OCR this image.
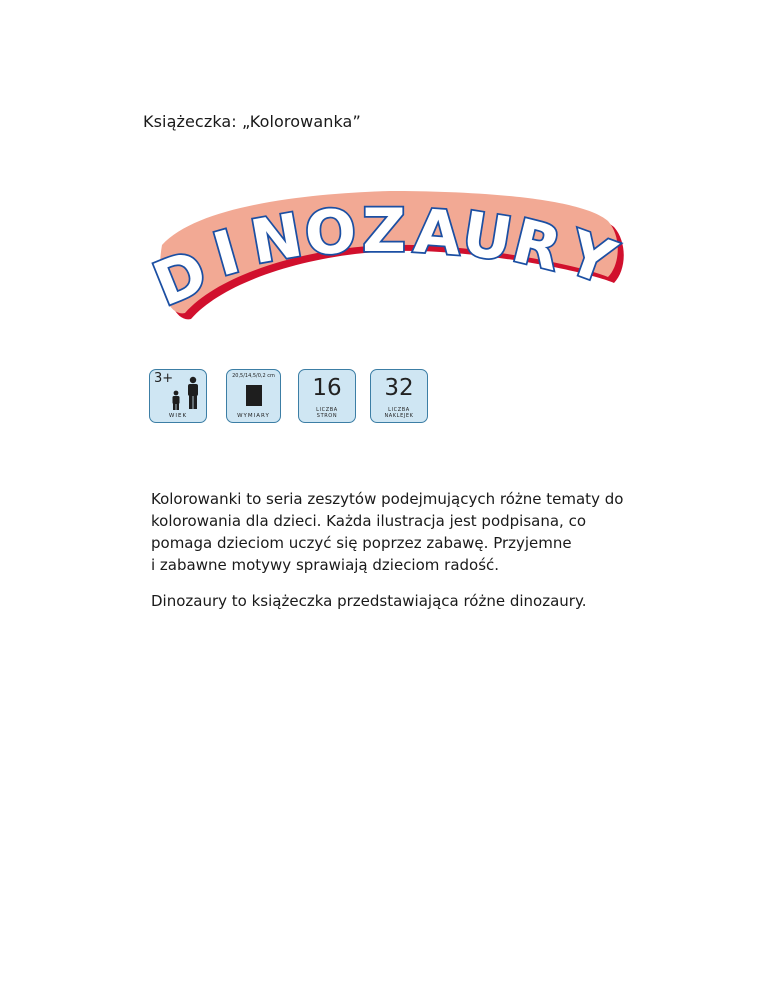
Książeczka: „Kolorowanka”
D
I
N
O Z A
U
R
Y
3+
WIEK
20,5/14,5/0,2 cm
WYMIARY
16
LICZBA
STRON
32
LICZBA
NAKLEJEK

Kolorowanki to seria zeszytów podejmujących różne tematy do
kolorowania dla dzieci. Każda ilustracja jest podpisana, co
pomaga dzieciom uczyć się poprzez zabawę. Przyjemne
i zabawne motywy sprawiają dzieciom radość.

Dinozaury to książeczka przedstawiająca różne dinozaury.
